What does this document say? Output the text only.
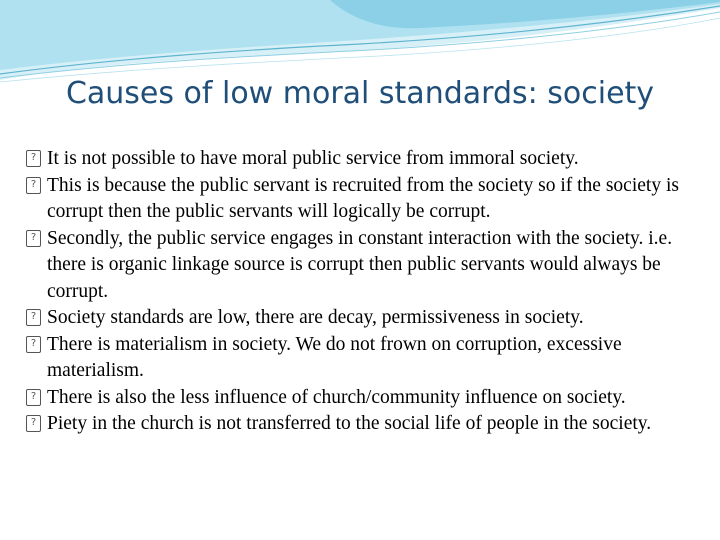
Causes of low moral standards: society
? It is not possible to have moral public service from immoral society.
? This is because the public servant is recruited from the society so if the society is corrupt then the public servants will logically be corrupt.
? Secondly, the public service engages in constant interaction with the society. i.e. there is organic linkage source is corrupt then public servants would always be corrupt.
? Society standards are low, there are decay, permissiveness in society.
? There is materialism in society. We do not frown on corruption, excessive materialism.
? There is also the less influence of church/community influence on society.
? Piety in the church is not transferred to the social life of people in the society.
